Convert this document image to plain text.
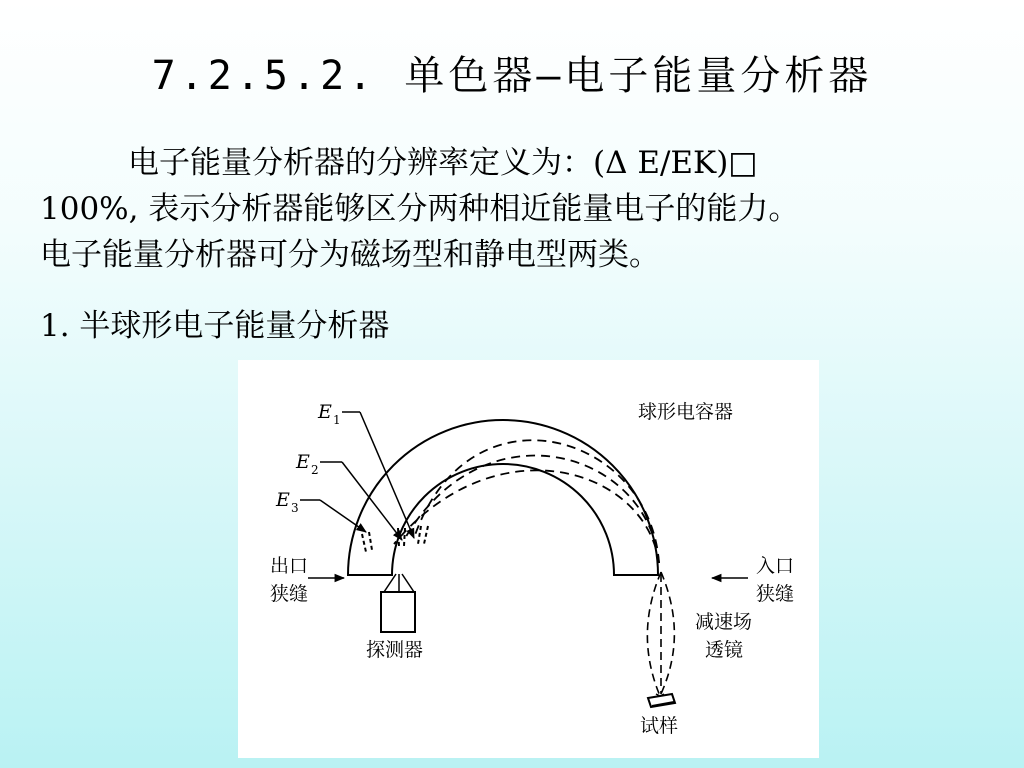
7.2.5.2. 单色器—电子能量分析器
电子能量分析器的分辨率定义为：(Δ E/EK)□
100%, 表示分析器能够区分两种相近能量电子的能力。
电子能量分析器可分为磁场型和静电型两类。
1. 半球形电子能量分析器
E 1
E 2
E 3
球形电容器
出口
狭缝
探测器
入口
狭缝
减速场
透镜
试样
